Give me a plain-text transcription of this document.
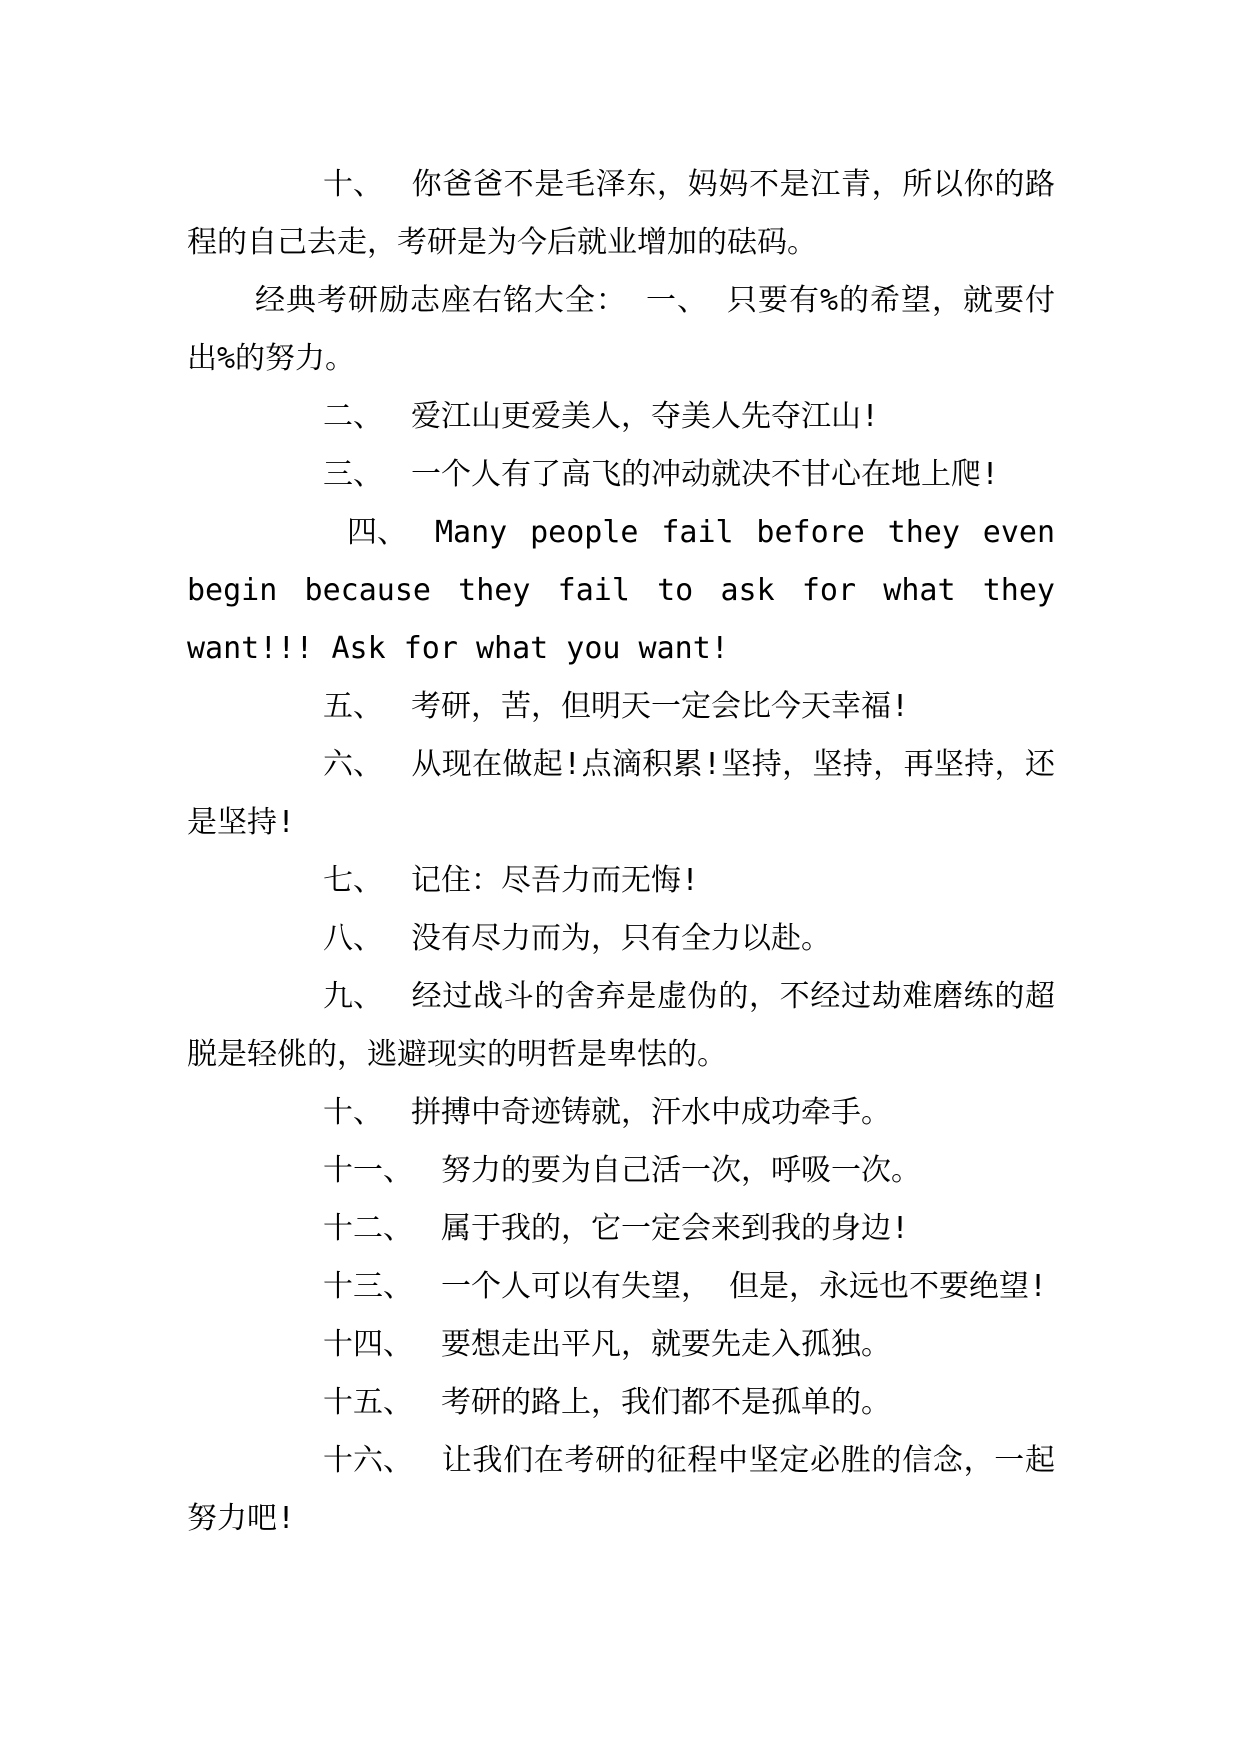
十、 你爸爸不是毛泽东，妈妈不是江青，所以你的路程的自己去走，考研是为今后就业增加的砝码。

经典考研励志座右铭大全： 一、 只要有%的希望，就要付出%的努力。

二、 爱江山更爱美人，夺美人先夺江山!

三、 一个人有了高飞的冲动就决不甘心在地上爬!

四、 Many people fail before they even begin because they fail to ask for what they want!!! Ask for what you want!

五、 考研，苦，但明天一定会比今天幸福!

六、 从现在做起!点滴积累!坚持，坚持，再坚持，还是坚持!

七、 记住：尽吾力而无悔!

八、 没有尽力而为，只有全力以赴。

九、 经过战斗的舍弃是虚伪的，不经过劫难磨练的超脱是轻佻的，逃避现实的明哲是卑怯的。

十、 拼搏中奇迹铸就，汗水中成功牵手。

十一、 努力的要为自己活一次，呼吸一次。

十二、 属于我的，它一定会来到我的身边!

十三、 一个人可以有失望， 但是，永远也不要绝望!

十四、 要想走出平凡，就要先走入孤独。

十五、 考研的路上，我们都不是孤单的。

十六、 让我们在考研的征程中坚定必胜的信念，一起努力吧!
